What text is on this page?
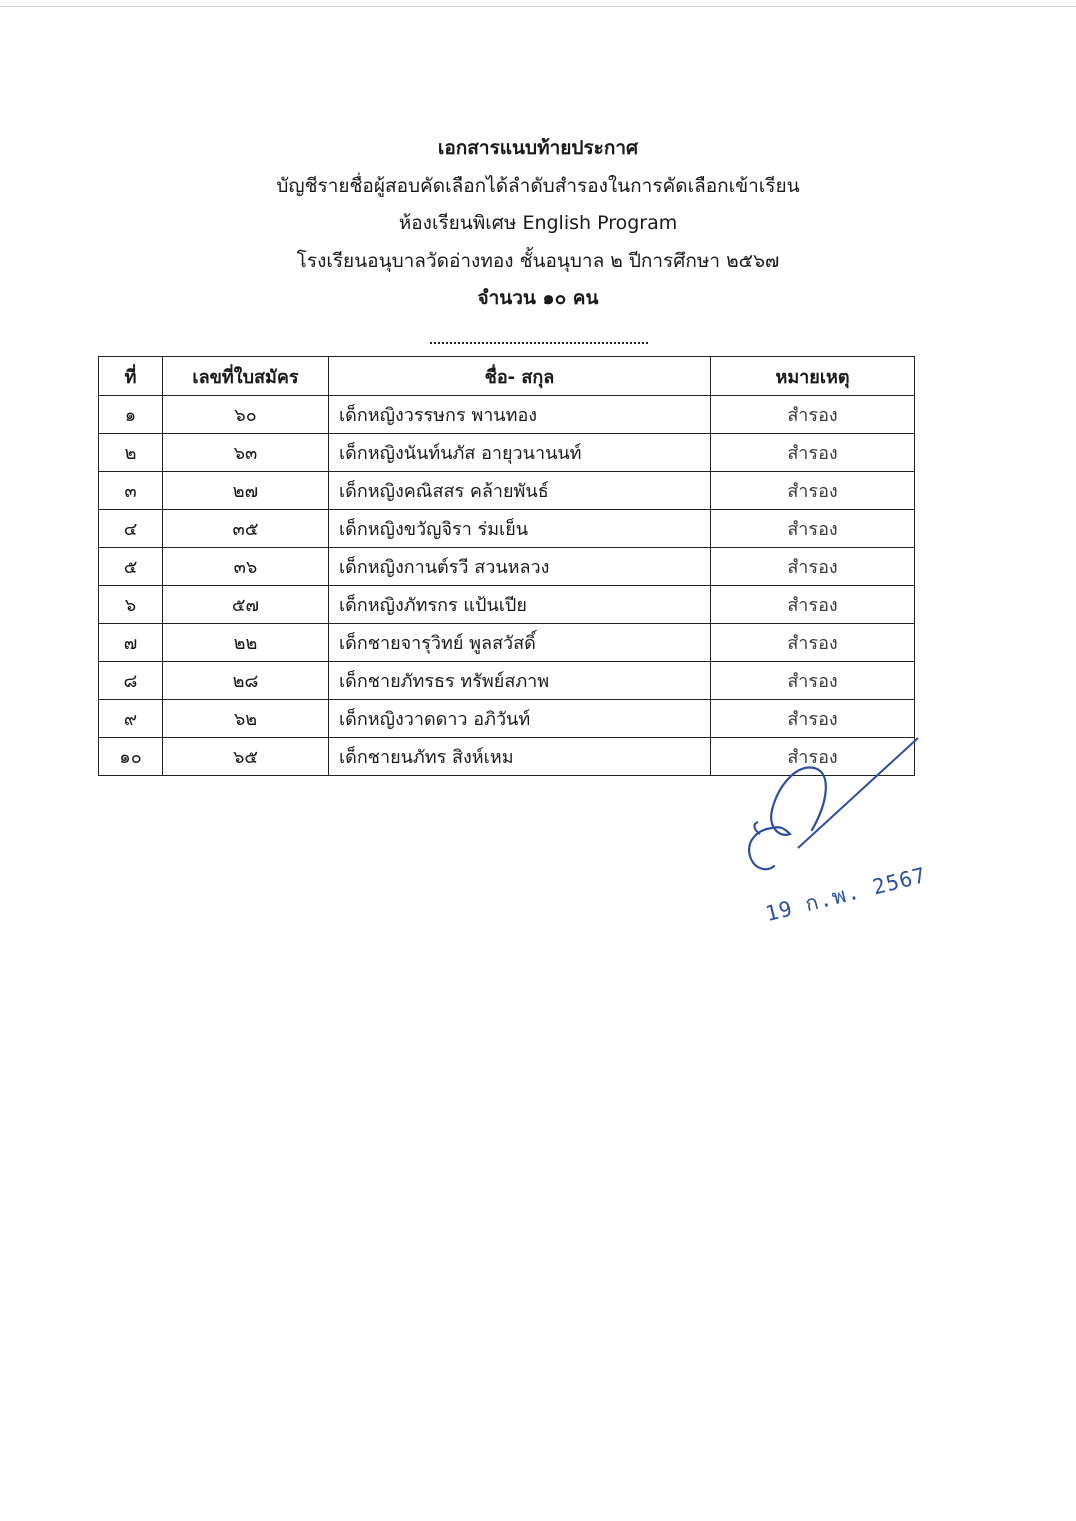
เอกสารแนบท้ายประกาศ
บัญชีรายชื่อผู้สอบคัดเลือกได้ลำดับสำรองในการคัดเลือกเข้าเรียน
ห้องเรียนพิเศษ English Program
โรงเรียนอนุบาลวัดอ่างทอง ชั้นอนุบาล ๒ ปีการศึกษา ๒๕๖๗
จำนวน ๑๐ คน
ที่	เลขที่ใบสมัคร	ชื่อ- สกุล	หมายเหตุ
๑	๖๐	เด็กหญิงวรรษกร พานทอง	สำรอง
๒	๖๓	เด็กหญิงนันท์นภัส อายุวนานนท์	สำรอง
๓	๒๗	เด็กหญิงคณิสสร คล้ายพันธ์	สำรอง
๔	๓๕	เด็กหญิงขวัญจิรา ร่มเย็น	สำรอง
๕	๓๖	เด็กหญิงกานต์รวี สวนหลวง	สำรอง
๖	๕๗	เด็กหญิงภัทรกร แป้นเปีย	สำรอง
๗	๒๒	เด็กชายจารุวิทย์ พูลสวัสดิ์	สำรอง
๘	๒๘	เด็กชายภัทรธร ทรัพย์สภาพ	สำรอง
๙	๖๒	เด็กหญิงวาดดาว อภิวันท์	สำรอง
๑๐	๖๕	เด็กชายนภัทร สิงห์เหม	สำรอง
19 ก.พ. 2567
